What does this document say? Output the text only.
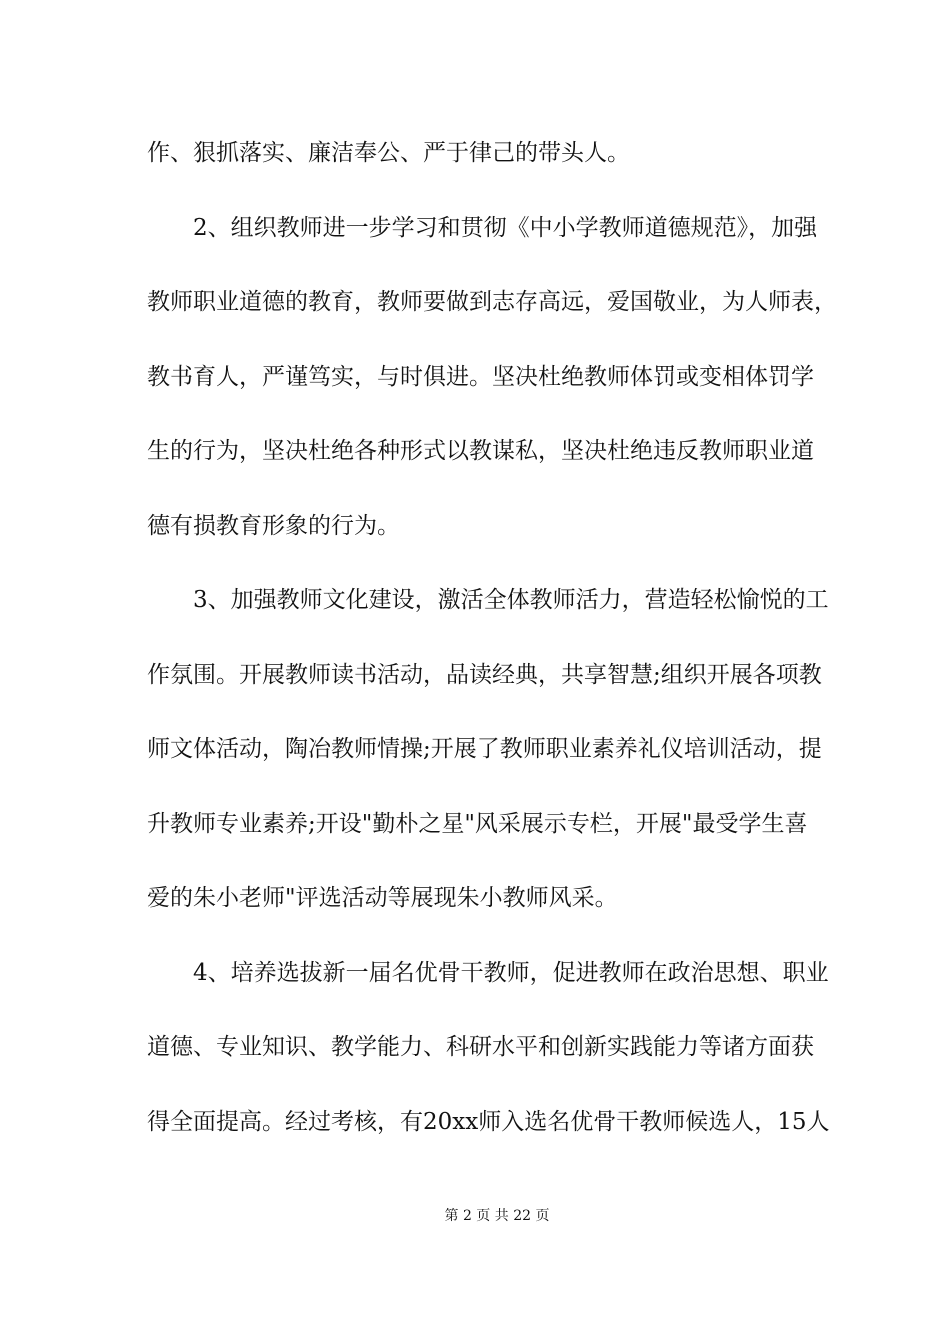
作、狠抓落实、廉洁奉公、严于律己的带头人。
　　2、组织教师进一步学习和贯彻《中小学教师道德规范》，加强
教师职业道德的教育，教师要做到志存高远，爱国敬业，为人师表，
教书育人，严谨笃实，与时俱进。坚决杜绝教师体罚或变相体罚学
生的行为，坚决杜绝各种形式以教谋私，坚决杜绝违反教师职业道
德有损教育形象的行为。
　　3、加强教师文化建设，激活全体教师活力，营造轻松愉悦的工
作氛围。开展教师读书活动，品读经典，共享智慧;组织开展各项教
师文体活动，陶冶教师情操;开展了教师职业素养礼仪培训活动，提
升教师专业素养;开设"勤朴之星"风采展示专栏，开展"最受学生喜
爱的朱小老师"评选活动等展现朱小教师风采。
　　4、培养选拔新一届名优骨干教师，促进教师在政治思想、职业
道德、专业知识、教学能力、科研水平和创新实践能力等诸方面获
得全面提高。经过考核，有20xx师入选名优骨干教师候选人，15人
第 2 页 共 22 页
